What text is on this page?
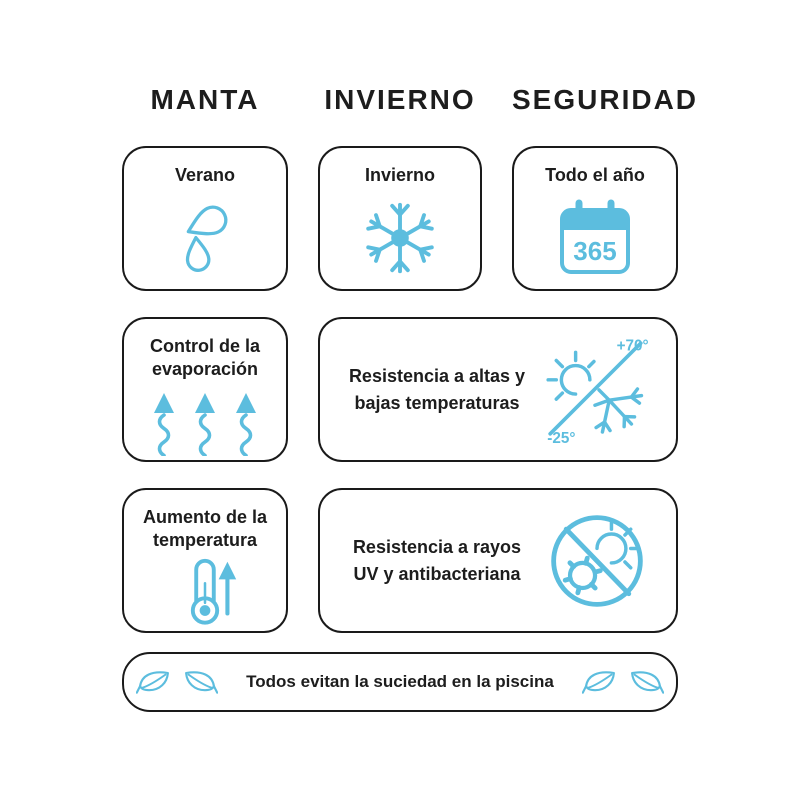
MANTA	INVIERNO SEGURIDAD
Verano	Invierno	Todo el año
365
Control de la
evaporación	Resistencia a altas y
bajas temperaturas
+70°
-25°
Aumento de la
temperatura	Resistencia a rayos
UV y antibacteriana
Todos evitan la suciedad en la piscina
